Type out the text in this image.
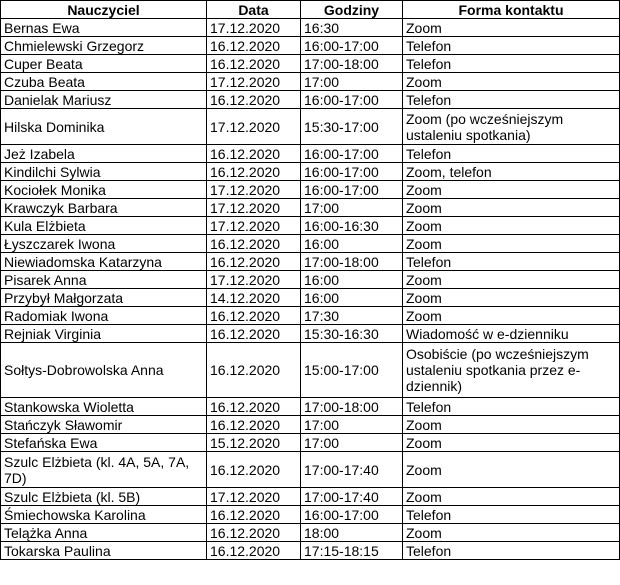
Nauczyciel	Data	Godziny	Forma kontaktu
Bernas Ewa	17.12.2020	16:30	Zoom
Chmielewski Grzegorz	16.12.2020	16:00-17:00	Telefon
Cuper Beata	16.12.2020	17:00-18:00	Telefon
Czuba Beata	17.12.2020	17:00	Zoom
Danielak Mariusz	16.12.2020	16:00-17:00	Telefon
Hilska Dominika	17.12.2020	15:30-17:00	Zoom (po wcześniejszym ustaleniu spotkania)
Jeż Izabela	16.12.2020	16:00-17:00	Telefon
Kindilchi Sylwia	16.12.2020	16:00-17:00	Zoom, telefon
Kociołek Monika	17.12.2020	16:00-17:00	Zoom
Krawczyk Barbara	17.12.2020	17:00	Zoom
Kula Elżbieta	17.12.2020	16:00-16:30	Zoom
Łyszczarek Iwona	16.12.2020	16:00	Zoom
Niewiadomska Katarzyna	16.12.2020	17:00-18:00	Telefon
Pisarek Anna	17.12.2020	16:00	Zoom
Przybył Małgorzata	14.12.2020	16:00	Zoom
Radomiak Iwona	16.12.2020	17:30	Zoom
Rejniak Virginia	16.12.2020	15:30-16:30	Wiadomość w e-dzienniku
Sołtys-Dobrowolska Anna	16.12.2020	15:00-17:00	Osobiście (po wcześniejszym ustaleniu spotkania przez e-dziennik)
Stankowska Wioletta	16.12.2020	17:00-18:00	Telefon
Stańczyk Sławomir	16.12.2020	17:00	Zoom
Stefańska Ewa	15.12.2020	17:00	Zoom
Szulc Elżbieta (kl. 4A, 5A, 7A, 7D)	16.12.2020	17:00-17:40	Zoom
Szulc Elżbieta (kl. 5B)	17.12.2020	17:00-17:40	Zoom
Śmiechowska Karolina	16.12.2020	16:00-17:00	Telefon
Telążka Anna	16.12.2020	18:00	Zoom
Tokarska Paulina	16.12.2020	17:15-18:15	Telefon
